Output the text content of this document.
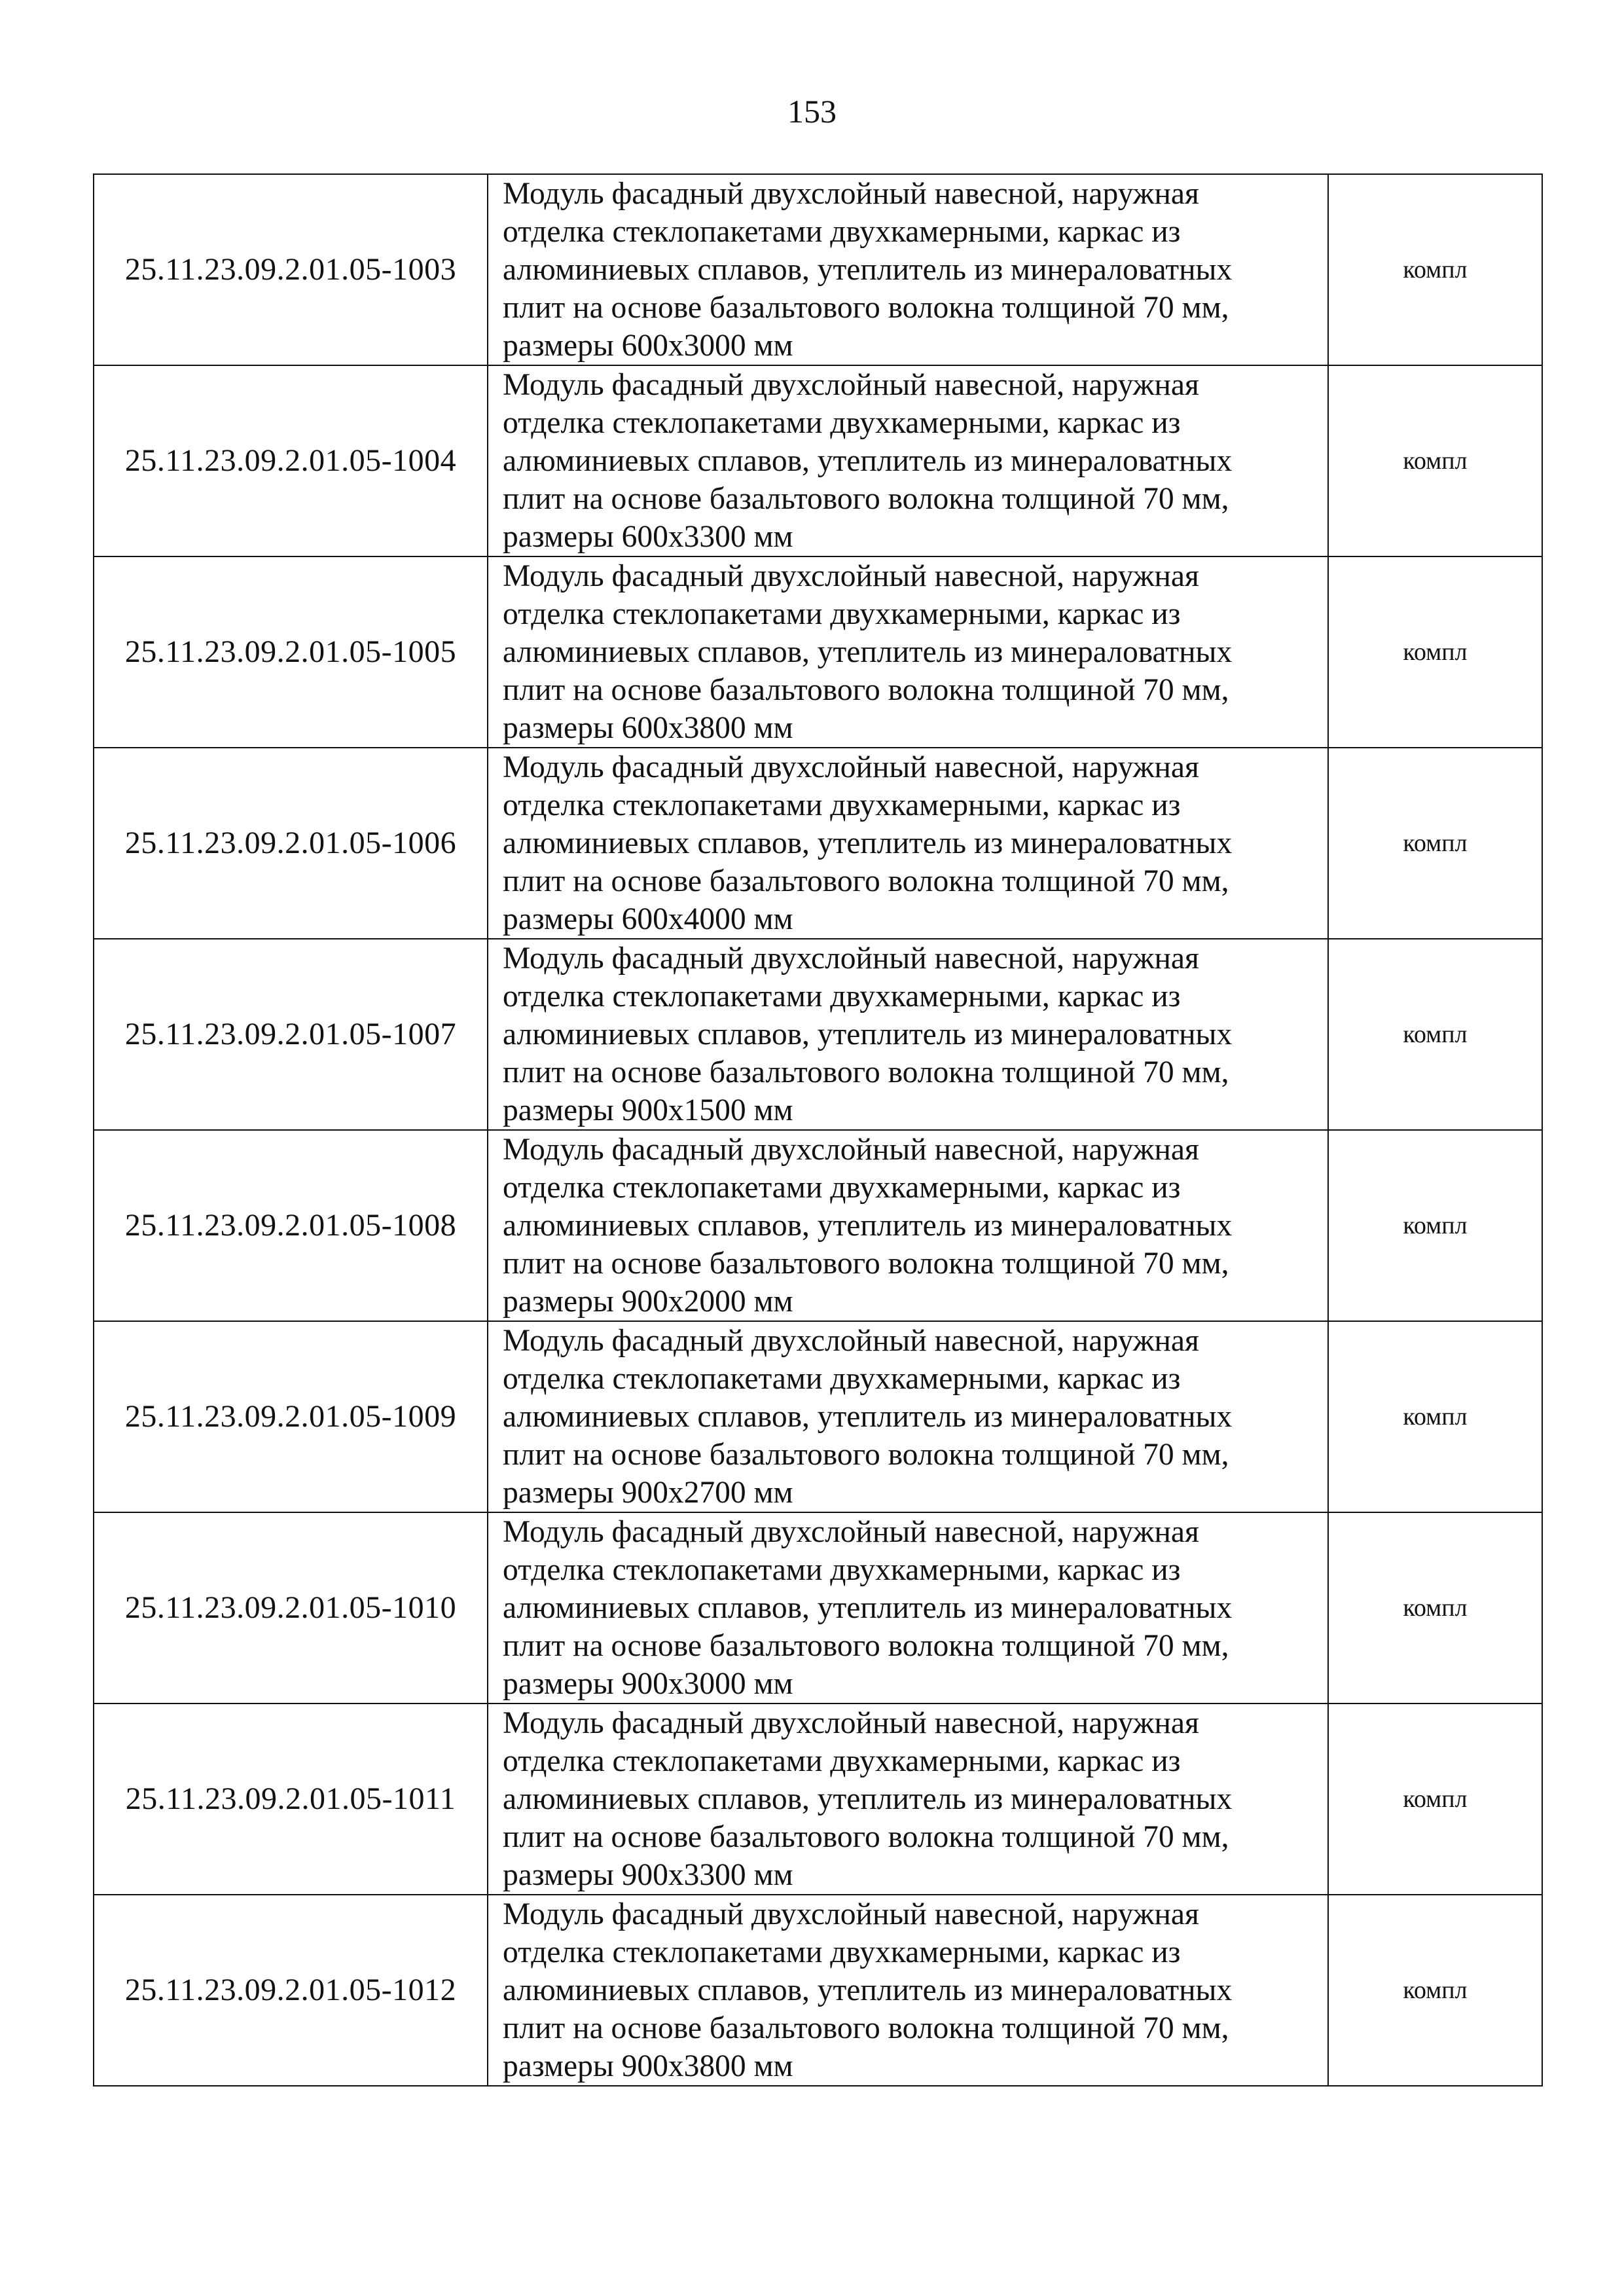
153
25.11.23.09.2.01.05-1003	Модуль фасадный двухслойный навесной, наружная
отделка стеклопакетами двухкамерными, каркас из
алюминиевых сплавов, утеплитель из минераловатных
плит на основе базальтового волокна толщиной 70 мм,
размеры 600х3000 мм	компл
25.11.23.09.2.01.05-1004	Модуль фасадный двухслойный навесной, наружная
отделка стеклопакетами двухкамерными, каркас из
алюминиевых сплавов, утеплитель из минераловатных
плит на основе базальтового волокна толщиной 70 мм,
размеры 600х3300 мм	компл
25.11.23.09.2.01.05-1005	Модуль фасадный двухслойный навесной, наружная
отделка стеклопакетами двухкамерными, каркас из
алюминиевых сплавов, утеплитель из минераловатных
плит на основе базальтового волокна толщиной 70 мм,
размеры 600х3800 мм	компл
25.11.23.09.2.01.05-1006	Модуль фасадный двухслойный навесной, наружная
отделка стеклопакетами двухкамерными, каркас из
алюминиевых сплавов, утеплитель из минераловатных
плит на основе базальтового волокна толщиной 70 мм,
размеры 600х4000 мм	компл
25.11.23.09.2.01.05-1007	Модуль фасадный двухслойный навесной, наружная
отделка стеклопакетами двухкамерными, каркас из
алюминиевых сплавов, утеплитель из минераловатных
плит на основе базальтового волокна толщиной 70 мм,
размеры 900х1500 мм	компл
25.11.23.09.2.01.05-1008	Модуль фасадный двухслойный навесной, наружная
отделка стеклопакетами двухкамерными, каркас из
алюминиевых сплавов, утеплитель из минераловатных
плит на основе базальтового волокна толщиной 70 мм,
размеры 900х2000 мм	компл
25.11.23.09.2.01.05-1009	Модуль фасадный двухслойный навесной, наружная
отделка стеклопакетами двухкамерными, каркас из
алюминиевых сплавов, утеплитель из минераловатных
плит на основе базальтового волокна толщиной 70 мм,
размеры 900х2700 мм	компл
25.11.23.09.2.01.05-1010	Модуль фасадный двухслойный навесной, наружная
отделка стеклопакетами двухкамерными, каркас из
алюминиевых сплавов, утеплитель из минераловатных
плит на основе базальтового волокна толщиной 70 мм,
размеры 900х3000 мм	компл
25.11.23.09.2.01.05-1011	Модуль фасадный двухслойный навесной, наружная
отделка стеклопакетами двухкамерными, каркас из
алюминиевых сплавов, утеплитель из минераловатных
плит на основе базальтового волокна толщиной 70 мм,
размеры 900х3300 мм	компл
25.11.23.09.2.01.05-1012	Модуль фасадный двухслойный навесной, наружная
отделка стеклопакетами двухкамерными, каркас из
алюминиевых сплавов, утеплитель из минераловатных
плит на основе базальтового волокна толщиной 70 мм,
размеры 900х3800 мм	компл
